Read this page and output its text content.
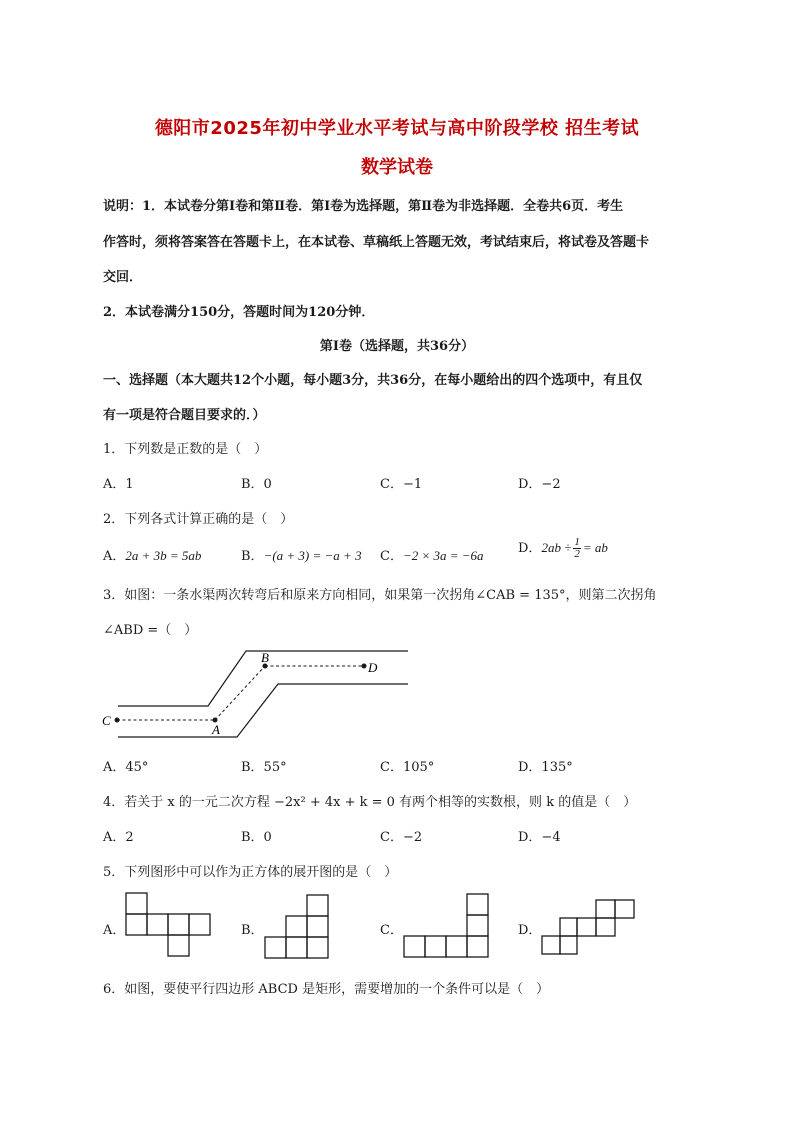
德阳市2025年初中学业水平考试与高中阶段学校 招生考试
数学试卷
说明：1．本试卷分第Ⅰ卷和第Ⅱ卷．第Ⅰ卷为选择题，第Ⅱ卷为非选择题．全卷共6页．考生
作答时，须将答案答在答题卡上，在本试卷、草稿纸上答题无效，考试结束后，将试卷及答题卡
交回．
2．本试卷满分150分，答题时间为120分钟．
第Ⅰ卷（选择题，共36分）
一、选择题（本大题共12个小题，每小题3分，共36分，在每小题给出的四个选项中，有且仅
有一项是符合题目要求的．）
1．下列数是正数的是（　）
A．1	B．0	C．−1	D．−2
2．下列各式计算正确的是（　）
A．2a + 3b = 5ab	B．−(a + 3) = −a + 3 C．−2 × 3a = −6a	D．$2ab \div \frac{1}{2}$ = ab
3．如图：一条水渠两次转弯后和原来方向相同，如果第一次拐角∠CAB = 135°，则第二次拐角
∠ABD =（　）
B
D
C
A
A．45°	B．55°	C．105°	D．135°
4．若关于 x 的一元二次方程 −2x² + 4x + k = 0 有两个相等的实数根，则 k 的值是（　）
A．2	B．0	C．−2	D．−4
5．下列图形中可以作为正方体的展开图的是（　）
A．	B．	C．	D．
6．如图，要使平行四边形 ABCD 是矩形，需要增加的一个条件可以是（　）
